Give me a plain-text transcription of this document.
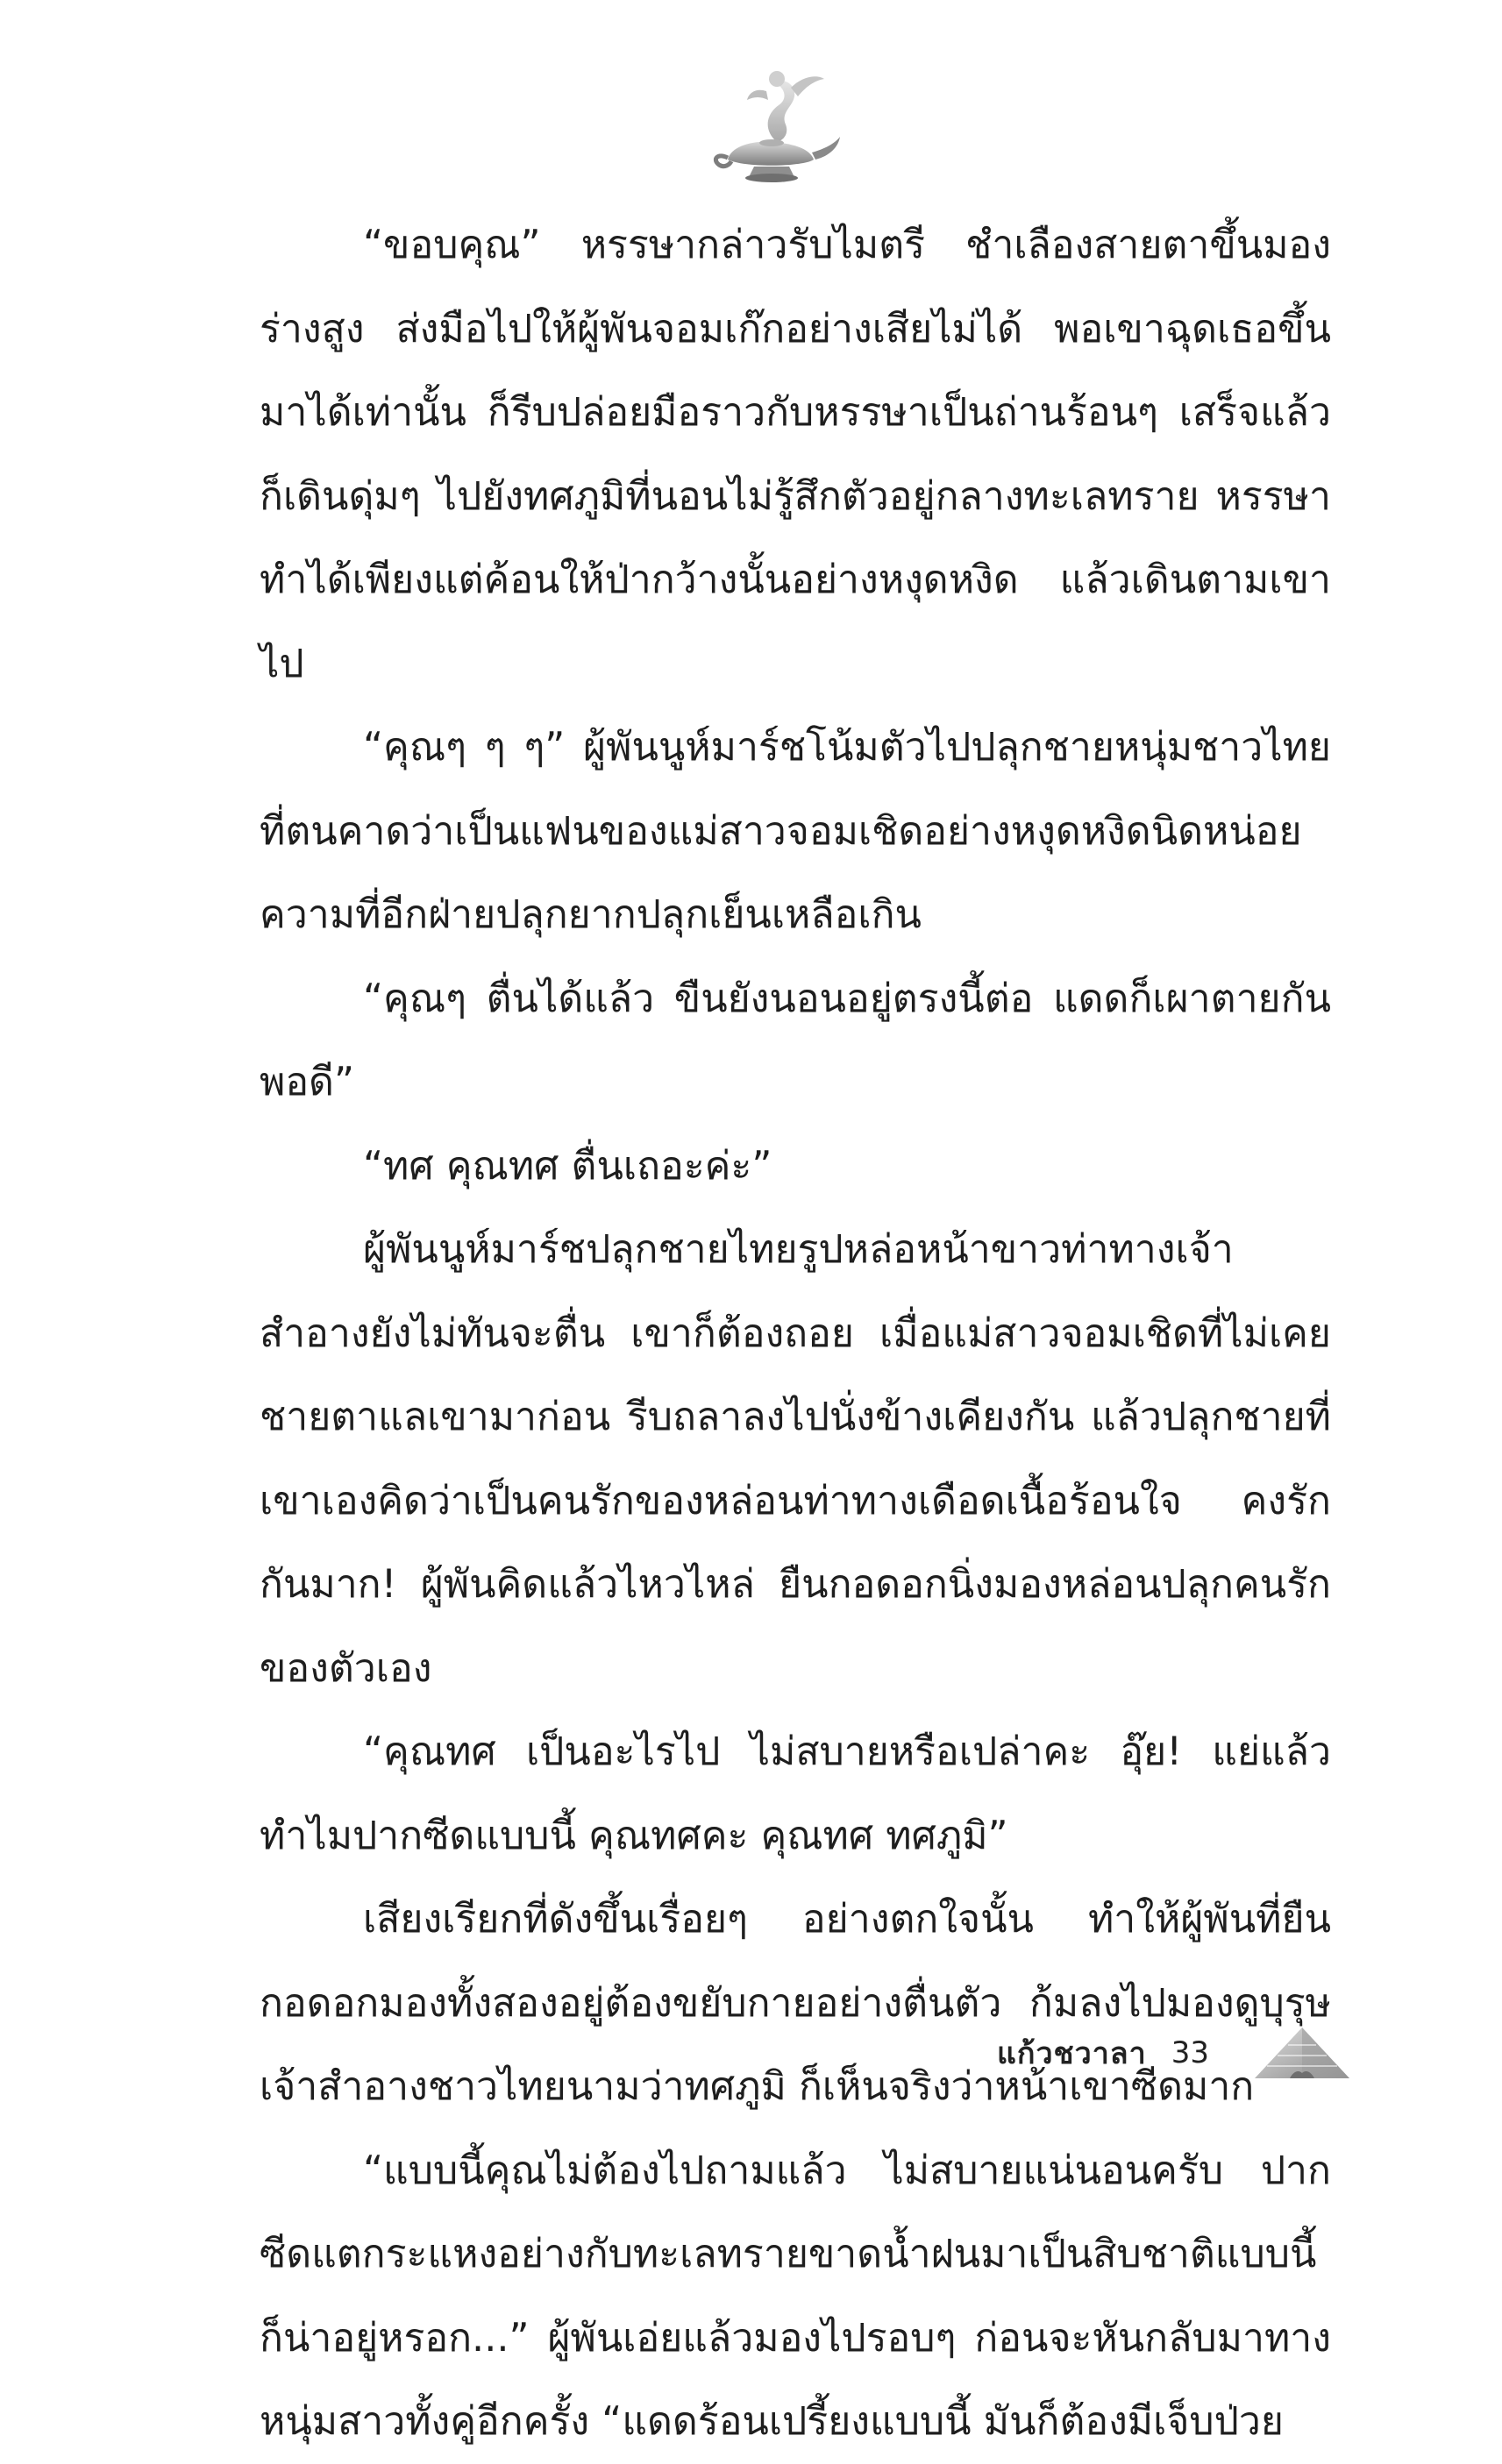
“ขอบคุณ” หรรษากล่าวรับไมตรี ชำเลืองสายตาขึ้นมองร่างสูง ส่งมือไปให้ผู้พันจอมเก๊กอย่างเสียไม่ได้ พอเขาฉุดเธอขึ้นมาได้เท่านั้น ก็รีบปล่อยมือราวกับหรรษาเป็นถ่านร้อนๆ เสร็จแล้วก็เดินดุ่มๆ ไปยังทศภูมิที่นอนไม่รู้สึกตัวอยู่กลางทะเลทราย หรรษาทำได้เพียงแต่ค้อนให้ป่ากว้างนั้นอย่างหงุดหงิด แล้วเดินตามเขาไป

“คุณๆ ๆ ๆ” ผู้พันนูห์มาร์ชโน้มตัวไปปลุกชายหนุ่มชาวไทยที่ตนคาดว่าเป็นแฟนของแม่สาวจอมเชิดอย่างหงุดหงิดนิดหน่อย ความที่อีกฝ่ายปลุกยากปลุกเย็นเหลือเกิน

“คุณๆ ตื่นได้แล้ว ขืนยังนอนอยู่ตรงนี้ต่อ แดดก็เผาตายกันพอดี”

“ทศ คุณทศ ตื่นเถอะค่ะ”

ผู้พันนูห์มาร์ชปลุกชายไทยรูปหล่อหน้าขาวท่าทางเจ้าสำอางยังไม่ทันจะตื่น เขาก็ต้องถอย เมื่อแม่สาวจอมเชิดที่ไม่เคยชายตาแลเขามาก่อน รีบถลาลงไปนั่งข้างเคียงกัน แล้วปลุกชายที่เขาเองคิดว่าเป็นคนรักของหล่อนท่าทางเดือดเนื้อร้อนใจ คงรักกันมาก! ผู้พันคิดแล้วไหวไหล่ ยืนกอดอกนิ่งมองหล่อนปลุกคนรักของตัวเอง

“คุณทศ เป็นอะไรไป ไม่สบายหรือเปล่าคะ อุ๊ย! แย่แล้ว ทำไมปากซีดแบบนี้ คุณทศคะ คุณทศ ทศภูมิ”

เสียงเรียกที่ดังขึ้นเรื่อยๆ อย่างตกใจนั้น ทำให้ผู้พันที่ยืนกอดอกมองทั้งสองอยู่ต้องขยับกายอย่างตื่นตัว ก้มลงไปมองดูบุรุษเจ้าสำอางชาวไทยนามว่าทศภูมิ ก็เห็นจริงว่าหน้าเขาซีดมาก

“แบบนี้คุณไม่ต้องไปถามแล้ว ไม่สบายแน่นอนครับ ปากซีดแตกระแหงอย่างกับทะเลทรายขาดน้ำฝนมาเป็นสิบชาติแบบนี้ก็น่าอยู่หรอก...” ผู้พันเอ่ยแล้วมองไปรอบๆ ก่อนจะหันกลับมาทางหนุ่มสาวทั้งคู่อีกครั้ง “แดดร้อนเปรี้ยงแบบนี้ มันก็ต้องมีเจ็บป่วย

แก้วชวาลา 33
